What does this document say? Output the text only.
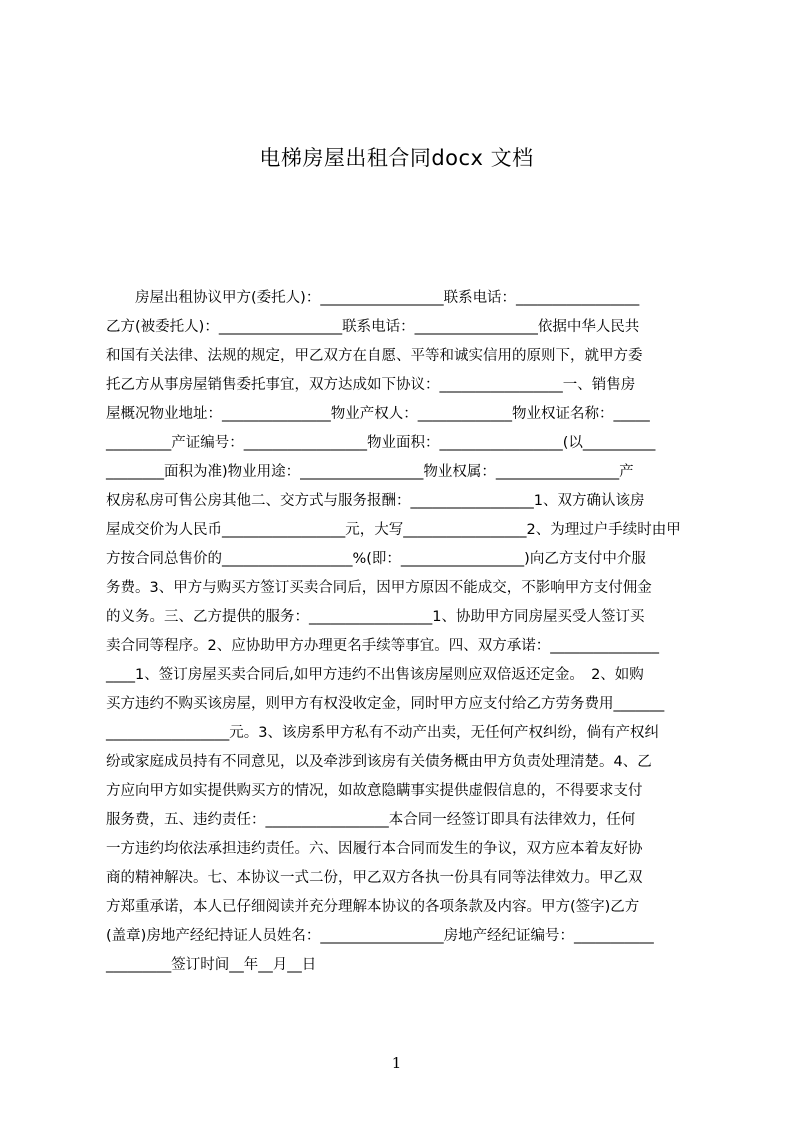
电梯房屋出租合同docx 文档
　　房屋出租协议甲方(委托人)：_________________联系电话：_________________
乙方(被委托人)：_________________联系电话：_________________依据中华人民共
和国有关法律、法规的规定，甲乙双方在自愿、平等和诚实信用的原则下，就甲方委
托乙方从事房屋销售委托事宜，双方达成如下协议：_________________一、销售房
屋概况物业地址：_______________物业产权人：_____________物业权证名称：_____
_________产证编号：_________________物业面积：_________________(以__________
________面积为准)物业用途：_________________物业权属：_________________产
权房私房可售公房其他二、交方式与服务报酬：_________________1、双方确认该房
屋成交价为人民币_________________元，大写_________________2、为理过户手续时由甲
方按合同总售价的__________________%(即：_________________)向乙方支付中介服
务费。3、甲方与购买方签订买卖合同后，因甲方原因不能成交，不影响甲方支付佣金
的义务。三、乙方提供的服务：_________________1、协助甲方同房屋买受人签订买
卖合同等程序。2、应协助甲方办理更名手续等事宜。四、双方承诺：_______________
____1、签订房屋买卖合同后,如甲方违约不出售该房屋则应双倍返还定金。　2、如购
买方违约不购买该房屋，则甲方有权没收定金，同时甲方应支付给乙方劳务费用_______
_________________元。3、该房系甲方私有不动产出卖，无任何产权纠纷，倘有产权纠
纷或家庭成员持有不同意见，以及牵涉到该房有关债务概由甲方负责处理清楚。4、乙
方应向甲方如实提供购买方的情况，如故意隐瞒事实提供虚假信息的，不得要求支付
服务费，五、违约责任：_________________本合同一经签订即具有法律效力，任何
一方违约均依法承担违约责任。六、因履行本合同而发生的争议，双方应本着友好协
商的精神解决。七、本协议一式二份，甲乙双方各执一份具有同等法律效力。甲乙双
方郑重承诺，本人已仔细阅读并充分理解本协议的各项条款及内容。甲方(签字)乙方
(盖章)房地产经纪持证人员姓名：_________________房地产经纪证编号：___________
_________签订时间__年__月__日
1
